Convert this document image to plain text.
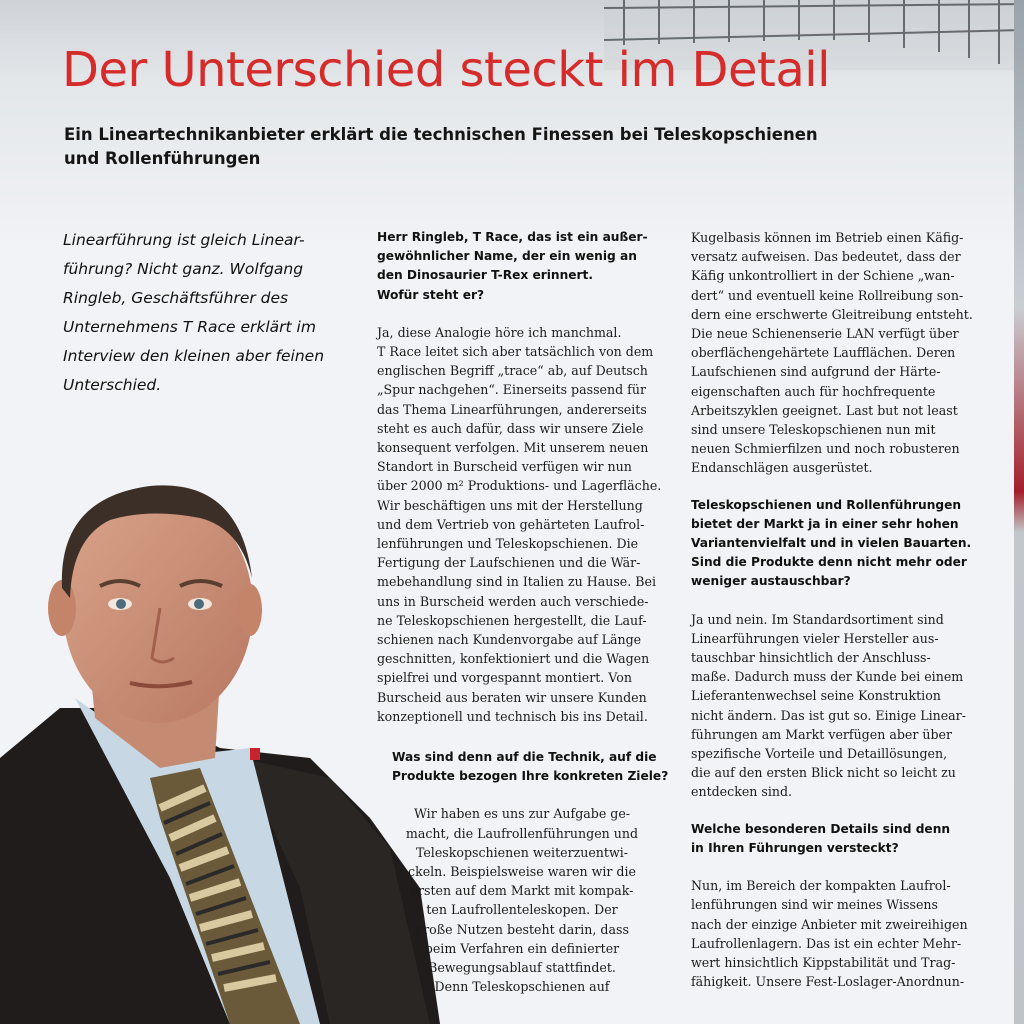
Der Unterschied steckt im Detail
Ein Lineartechnikanbieter erklärt die technischen Finessen bei Teleskopschienen
und Rollenführungen
Linearführung ist gleich Linear-
führung? Nicht ganz. Wolfgang
Ringleb, Geschäftsführer des
Unternehmens T Race erklärt im
Interview den kleinen aber feinen
Unterschied.
Herr Ringleb, T Race, das ist ein außer-
gewöhnlicher Name, der ein wenig an
den Dinosaurier T-Rex erinnert.
Wofür steht er?
Ja, diese Analogie höre ich manchmal.
T Race leitet sich aber tatsächlich von dem
englischen Begriff „trace“ ab, auf Deutsch
„Spur nachgehen“. Einerseits passend für
das Thema Linearführungen, andererseits
steht es auch dafür, dass wir unsere Ziele
konsequent verfolgen. Mit unserem neuen
Standort in Burscheid verfügen wir nun
über 2000 m² Produktions- und Lagerfläche.
Wir beschäftigen uns mit der Herstellung
und dem Vertrieb von gehärteten Laufrol-
lenführungen und Teleskopschienen. Die
Fertigung der Laufschienen und die Wär-
mebehandlung sind in Italien zu Hause. Bei
uns in Burscheid werden auch verschiede-
ne Teleskopschienen hergestellt, die Lauf-
schienen nach Kundenvorgabe auf Länge
geschnitten, konfektioniert und die Wagen
spielfrei und vorgespannt montiert. Von
Burscheid aus beraten wir unsere Kunden
konzeptionell und technisch bis ins Detail.
Was sind denn auf die Technik, auf die
Produkte bezogen Ihre konkreten Ziele?
Wir haben es uns zur Aufgabe ge-
macht, die Laufrollenführungen und
Teleskopschienen weiterzuentwi-
ckeln. Beispielsweise waren wir die
ersten auf dem Markt mit kompak-
ten Laufrollenteleskopen. Der
große Nutzen besteht darin, dass
beim Verfahren ein definierter
Bewegungsablauf stattfindet.
Denn Teleskopschienen auf
Kugelbasis können im Betrieb einen Käfig-
versatz aufweisen. Das bedeutet, dass der
Käfig unkontrolliert in der Schiene „wan-
dert“ und eventuell keine Rollreibung son-
dern eine erschwerte Gleitreibung entsteht.
Die neue Schienenserie LAN verfügt über
oberflächengehärtete Laufflächen. Deren
Laufschienen sind aufgrund der Härte-
eigenschaften auch für hochfrequente
Arbeitszyklen geeignet. Last but not least
sind unsere Teleskopschienen nun mit
neuen Schmierfilzen und noch robusteren
Endanschlägen ausgerüstet.
Teleskopschienen und Rollenführungen
bietet der Markt ja in einer sehr hohen
Variantenvielfalt und in vielen Bauarten.
Sind die Produkte denn nicht mehr oder
weniger austauschbar?
Ja und nein. Im Standardsortiment sind
Linearführungen vieler Hersteller aus-
tauschbar hinsichtlich der Anschluss-
maße. Dadurch muss der Kunde bei einem
Lieferantenwechsel seine Konstruktion
nicht ändern. Das ist gut so. Einige Linear-
führungen am Markt verfügen aber über
spezifische Vorteile und Detaillösungen,
die auf den ersten Blick nicht so leicht zu
entdecken sind.
Welche besonderen Details sind denn
in Ihren Führungen versteckt?
Nun, im Bereich der kompakten Laufrol-
lenführungen sind wir meines Wissens
nach der einzige Anbieter mit zweireihigen
Laufrollenlagern. Das ist ein echter Mehr-
wert hinsichtlich Kippstabilität und Trag-
fähigkeit. Unsere Fest-Loslager-Anordnun-
